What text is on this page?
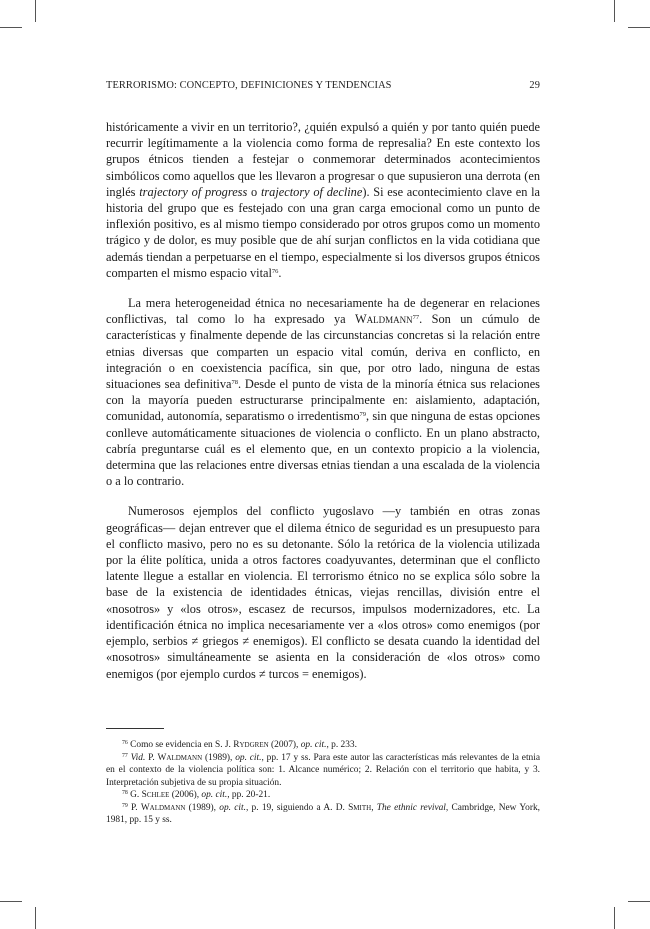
TERRORISMO: CONCEPTO, DEFINICIONES Y TENDENCIAS	29

históricamente a vivir en un territorio?, ¿quién expulsó a quién y por tanto quién puede recurrir legítimamente a la violencia como forma de represalia? En este contexto los grupos étnicos tienden a festejar o conmemorar determinados acontecimientos simbólicos como aquellos que les llevaron a progresar o que supusieron una derrota (en inglés trajectory of progress o trajectory of decline). Si ese acontecimiento clave en la historia del grupo que es festejado con una gran carga emocional como un punto de inflexión positivo, es al mismo tiempo considerado por otros grupos como un momento trágico y de dolor, es muy posible que de ahí surjan conflictos en la vida cotidiana que además tiendan a perpetuarse en el tiempo, especialmente si los diversos grupos étnicos comparten el mismo espacio vital$^{76}$.

La mera heterogeneidad étnica no necesariamente ha de degenerar en relaciones conflictivas, tal como lo ha expresado ya Waldmann$^{77}$. Son un cúmulo de características y finalmente depende de las circunstancias concretas si la relación entre etnias diversas que comparten un espacio vital común, deriva en conflicto, en integración o en coexistencia pacífica, sin que, por otro lado, ninguna de estas situaciones sea definitiva$^{78}$. Desde el punto de vista de la minoría étnica sus relaciones con la mayoría pueden estructurarse principalmente en: aislamiento, adaptación, comunidad, autonomía, separatismo o irredentismo$^{79}$, sin que ninguna de estas opciones conlleve automáticamente situaciones de violencia o conflicto. En un plano abstracto, cabría preguntarse cuál es el elemento que, en un contexto propicio a la violencia, determina que las relaciones entre diversas etnias tiendan a una escalada de la violencia o a lo contrario.

Numerosos ejemplos del conflicto yugoslavo —y también en otras zonas geográficas— dejan entrever que el dilema étnico de seguridad es un presupuesto para el conflicto masivo, pero no es su detonante. Sólo la retórica de la violencia utilizada por la élite política, unida a otros factores coadyuvantes, determinan que el conflicto latente llegue a estallar en violencia. El terrorismo étnico no se explica sólo sobre la base de la existencia de identidades étnicas, viejas rencillas, división entre el «nosotros» y «los otros», escasez de recursos, impulsos modernizadores, etc. La identificación étnica no implica necesariamente ver a «los otros» como enemigos (por ejemplo, serbios ≠ griegos ≠ enemigos). El conflicto se desata cuando la identidad del «nosotros» simultáneamente se asienta en la consideración de «los otros» como enemigos (por ejemplo curdos ≠ turcos = enemigos).

$^{76}$ Como se evidencia en S. J. Rydgren (2007), op. cit., p. 233.

$^{77}$ Vid. P. Waldmann (1989), op. cit., pp. 17 y ss. Para este autor las características más relevantes de la etnia en el contexto de la violencia política son: 1. Alcance numérico; 2. Relación con el territorio que habita, y 3. Interpretación subjetiva de su propia situación.

$^{78}$ G. Schlee (2006), op. cit., pp. 20-21.

$^{79}$ P. Waldmann (1989), op. cit., p. 19, siguiendo a A. D. Smith, The ethnic revival, Cambridge, New York, 1981, pp. 15 y ss.
